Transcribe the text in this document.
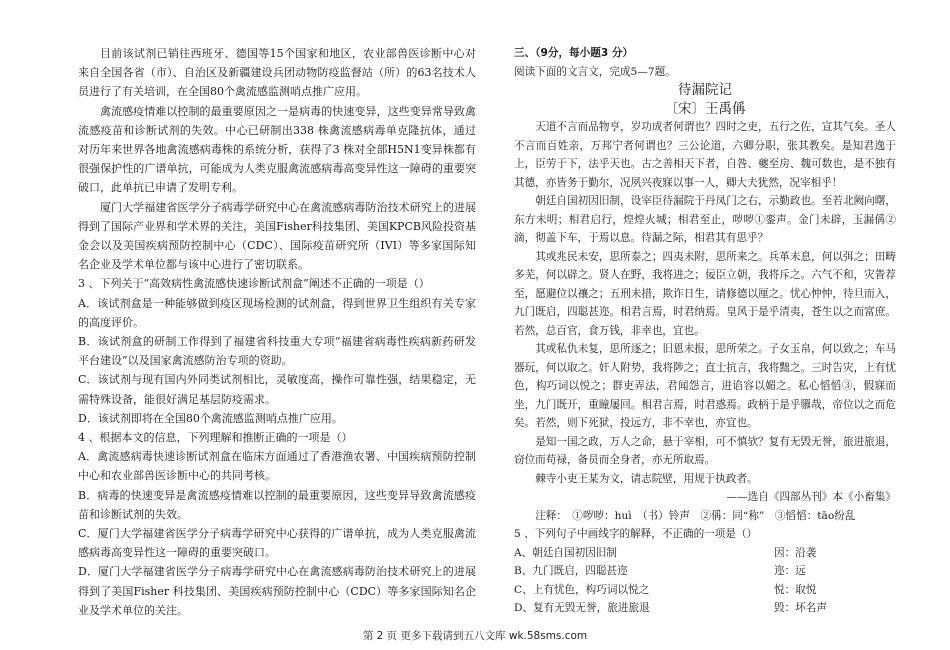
目前该试剂已销往西班牙、德国等15个国家和地区，农业部兽医诊断中心对来自全国各省（市）、自治区及新疆建设兵团动物防疫监督站（所）的63名技术人员进行了有关培训，在全国80个禽流感监测哨点推广应用。

禽流感疫情难以控制的最重要原因之一是病毒的快速变异，这些变异常导致禽流感疫苗和诊断试剂的失效。中心已研制出338 株禽流感病毒单克隆抗体，通过对历年来世界各地禽流感病毒株的系统分析，获得了3 株对全部H5N1变异株都有很强保护性的广谱单抗，可能成为人类克服禽流感病毒高变异性这一障碍的重要突破口，此单抗已申请了发明专利。

厦门大学福建省医学分子病毒学研究中心在禽流感病毒防治技术研究上的进展得到了国际产业界和学术界的关注，美国Fisher科技集团、美国KPCB风险投资基金会以及美国疾病预防控制中心（CDC）、国际疫苗研究所（IVI）等多家国际知名企业及学术单位都与该中心进行了密切联系。

3 、下列关于“高效病性禽流感快速诊断试剂盒”阐述不正确的一项是（）

A．该试剂盒是一种能够做到疫区现场检测的试剂盒，得到世界卫生组织有关专家的高度评价。

B．该试剂盒的研制工作得到了福建省科技重大专项“福建省病毒性疾病新药研发平台建设”以及国家禽流感防治专项的资助。

C．该试剂与现有国内外同类试剂相比，灵敏度高，操作可靠性强，结果稳定，无需特殊设备，能很好满足基层防疫需求。

D．该试剂即将在全国80个禽流感监测哨点推广应用。

4 、根据本文的信息，下列理解和推断正确的一项是（）

A．禽流感病毒快速诊断试剂盒在临床方面通过了香港渔农署、中国疾病预防控制中心和农业部兽医诊断中心的共同考核。

B．病毒的快速变异是禽流感疫情难以控制的最重要原因，这些变异导致禽流感疫苗和诊断试剂的失效。

C．厦门大学福建省医学分子病毒学研究中心获得的广谱单抗，成为人类克服禽流感病毒高变异性这一障碍的重要突破口。

D．厦门大学福建省医学分子病毒学研究中心在禽流感病毒防治技术研究上的进展得到了美国Fisher 科技集团、美国疾病预防控制中心（CDC）等多家国际知名企业及学术单位的关注。

三、（9分，每小题3 分）

阅读下面的文言文，完成5—7题。

待漏院记

〔宋〕王禹偁

天道不言而品物亨，岁功成者何谓也？四时之吏，五行之佐，宣其气矣。圣人不言而百姓亲，万邦宁者何谓也？三公论道，六卿分职，张其教矣。是知君逸于上，臣劳于下，法乎天也。古之善相天下者，自咎、夔至房、魏可数也，是不独有其德，亦皆务于勤尔，况夙兴夜寐以事一人，卿大夫犹然，况宰相乎！

朝廷自国初因旧制，设宰臣待漏院于丹凤门之右，示勤政也。至若北阙向曙，东方未明；相君启行，煌煌火城；相君至止，哕哕①銮声。金门未辟，玉漏偁②滴，彻盖下车，于焉以息。待漏之际，相君其有思乎？

其或兆民未安，思所泰之；四夷未附，思所来之。兵革未息，何以弭之；田畴多芜，何以辟之。贤人在野，我将进之；佞臣立朝，我将斥之。六气不和，灾眚荐至，愿避位以禳之；五刑未措，欺诈日生，请修德以厘之。忧心忡忡，待旦而入，九门既启，四聪甚迩。相君言焉，时君纳焉。皇风于是乎清夷，苍生以之而富庶。若然，总百官，食万钱，非幸也，宜也。

其或私仇未复，思所逐之；旧恩未报，思所荣之。子女玉帛，何以致之；车马器玩，何以取之。奸人附势，我将陟之；直士抗言，我将黜之。三时告灾，上有忧色，构巧词以悦之；群吏弄法，君闻怨言，进谄容以媚之。私心慆慆③，假寐而坐，九门既开，重瞳屡回。相君言焉，时君惑焉。政柄于是乎隳哉，帝位以之而危矣。若然，则下死狱，投远方，非不幸也，亦宜也。

是知一国之政，万人之命，悬于宰相，可不慎欤？复有无毁无誉，旅进旅退，窃位而苟禄，备员而全身者，亦无所取焉。

棘寺小吏王某为文，请志院壁，用规于执政者。

——选自《四部丛刊》本《小畜集》

注释：　①哕哕：huì　（书）铃声　②偁：同“称”　③慆慆：tāo纷乱

5 、下列句子中画线字的解释，不正确的一项是（）

A、朝廷自国初因旧制	因：沿袭
B、九门既启，四聪甚迩	迩：远
C、上有忧色，构巧词以悦之	悦：取悦
D、复有无毁无誉，旅进旅退	毁：坏名声
第 2 页 更多下载请到五八文库 wk.58sms.com
